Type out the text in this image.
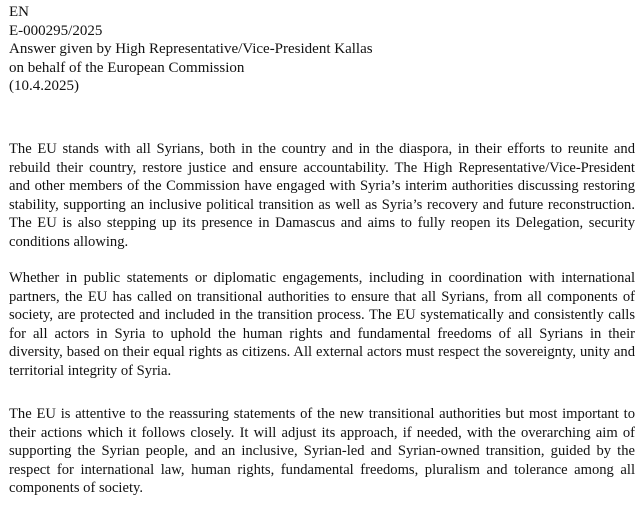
EN
E-000295/2025
Answer given by High Representative/Vice-President Kallas
on behalf of the European Commission
(10.4.2025)

The EU stands with all Syrians, both in the country and in the diaspora, in their efforts to reunite and rebuild their country, restore justice and ensure accountability. The High Representative/Vice-President and other members of the Commission have engaged with Syria’s interim authorities discussing restoring stability, supporting an inclusive political transition as well as Syria’s recovery and future reconstruction. The EU is also stepping up its presence in Damascus and aims to fully reopen its Delegation, security conditions allowing.

Whether in public statements or diplomatic engagements, including in coordination with international partners, the EU has called on transitional authorities to ensure that all Syrians, from all components of society, are protected and included in the transition process. The EU systematically and consistently calls for all actors in Syria to uphold the human rights and fundamental freedoms of all Syrians in their diversity, based on their equal rights as citizens. All external actors must respect the sovereignty, unity and territorial integrity of Syria.

The EU is attentive to the reassuring statements of the new transitional authorities but most important to their actions which it follows closely. It will adjust its approach, if needed, with the overarching aim of supporting the Syrian people, and an inclusive, Syrian-led and Syrian-owned transition, guided by the respect for international law, human rights, fundamental freedoms, pluralism and tolerance among all components of society.
